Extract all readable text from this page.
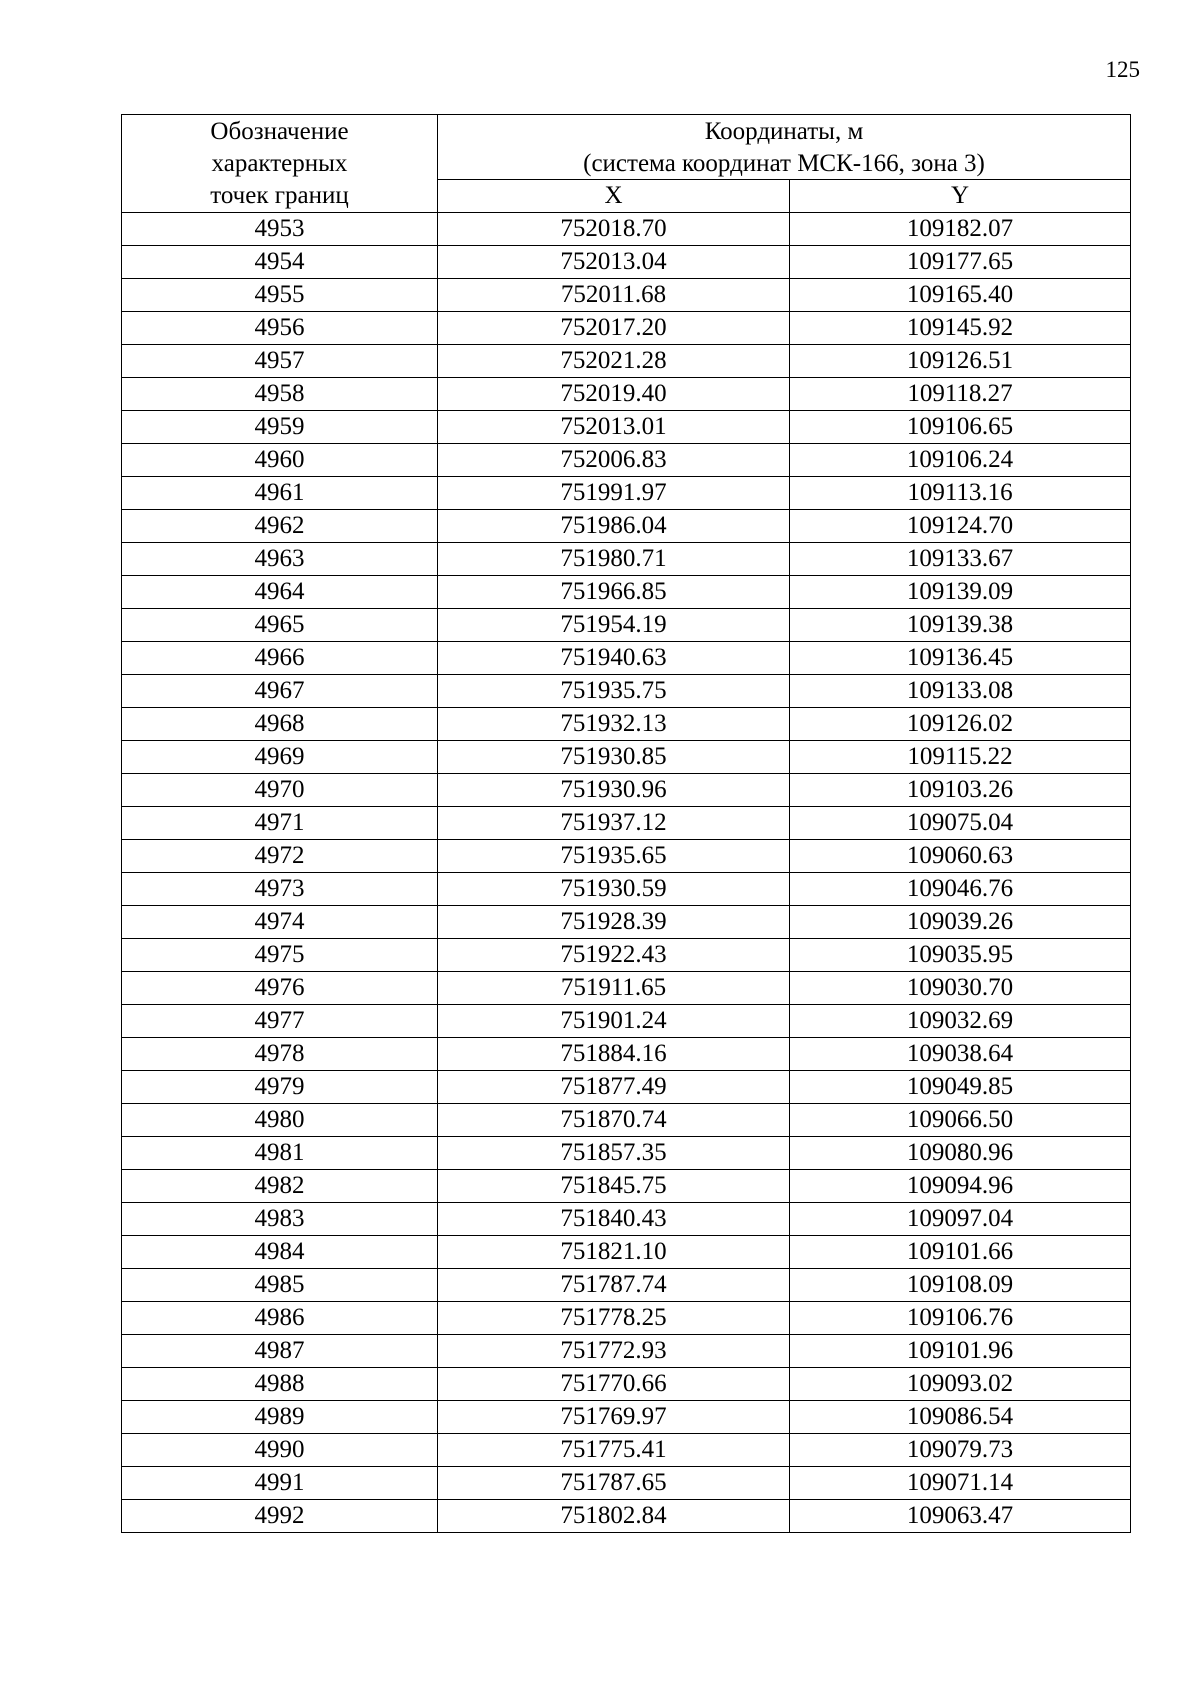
125
Обозначение
характерных
точек границ	Координаты, м	
	(система координат МСК-166, зона 3)	
	X	Y
4953	752018.70	109182.07
4954	752013.04	109177.65
4955	752011.68	109165.40
4956	752017.20	109145.92
4957	752021.28	109126.51
4958	752019.40	109118.27
4959	752013.01	109106.65
4960	752006.83	109106.24
4961	751991.97	109113.16
4962	751986.04	109124.70
4963	751980.71	109133.67
4964	751966.85	109139.09
4965	751954.19	109139.38
4966	751940.63	109136.45
4967	751935.75	109133.08
4968	751932.13	109126.02
4969	751930.85	109115.22
4970	751930.96	109103.26
4971	751937.12	109075.04
4972	751935.65	109060.63
4973	751930.59	109046.76
4974	751928.39	109039.26
4975	751922.43	109035.95
4976	751911.65	109030.70
4977	751901.24	109032.69
4978	751884.16	109038.64
4979	751877.49	109049.85
4980	751870.74	109066.50
4981	751857.35	109080.96
4982	751845.75	109094.96
4983	751840.43	109097.04
4984	751821.10	109101.66
4985	751787.74	109108.09
4986	751778.25	109106.76
4987	751772.93	109101.96
4988	751770.66	109093.02
4989	751769.97	109086.54
4990	751775.41	109079.73
4991	751787.65	109071.14
4992	751802.84	109063.47
